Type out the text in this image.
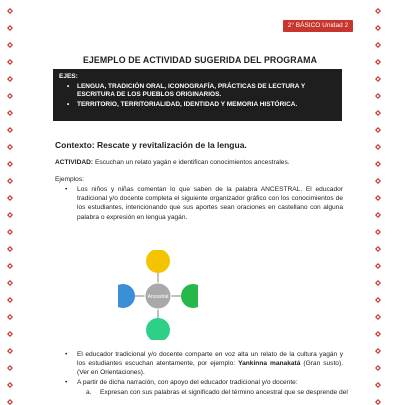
2° BÁSICO Unidad 2
EJEMPLO DE ACTIVIDAD SUGERIDA DEL PROGRAMA
EJES:
• LENGUA, TRADICIÓN ORAL, ICONOGRAFÍA, PRÁCTICAS DE LECTURA Y ESCRITURA DE LOS PUEBLOS ORIGINARIOS.
• TERRITORIO, TERRITORIALIDAD, IDENTIDAD Y MEMORIA HISTÓRICA.
Contexto: Rescate y revitalización de la lengua.
ACTIVIDAD: Escuchan un relato yagán e identifican conocimientos ancestrales.
Ejemplos:
•	Los niños y niñas comentan lo que saben de la palabra ANCESTRAL. El educador tradicional y/o docente completa el siguiente organizador gráfico con los conocimientos de los estudiantes, intencionando que sus aportes sean oraciones en castellano con alguna palabra o expresión en lengua yagán.
Ancestral
•	El educador tradicional y/o docente comparte en voz alta un relato de la cultura yagán y los estudiantes escuchan atentamente, por ejemplo: Yankinna manakatá (Gran susto). (Ver en Orientaciones).
•	A partir de dicha narración, con apoyo del educador tradicional y/o docente:
a.	Expresan con sus palabras el significado del término ancestral que se desprende del
